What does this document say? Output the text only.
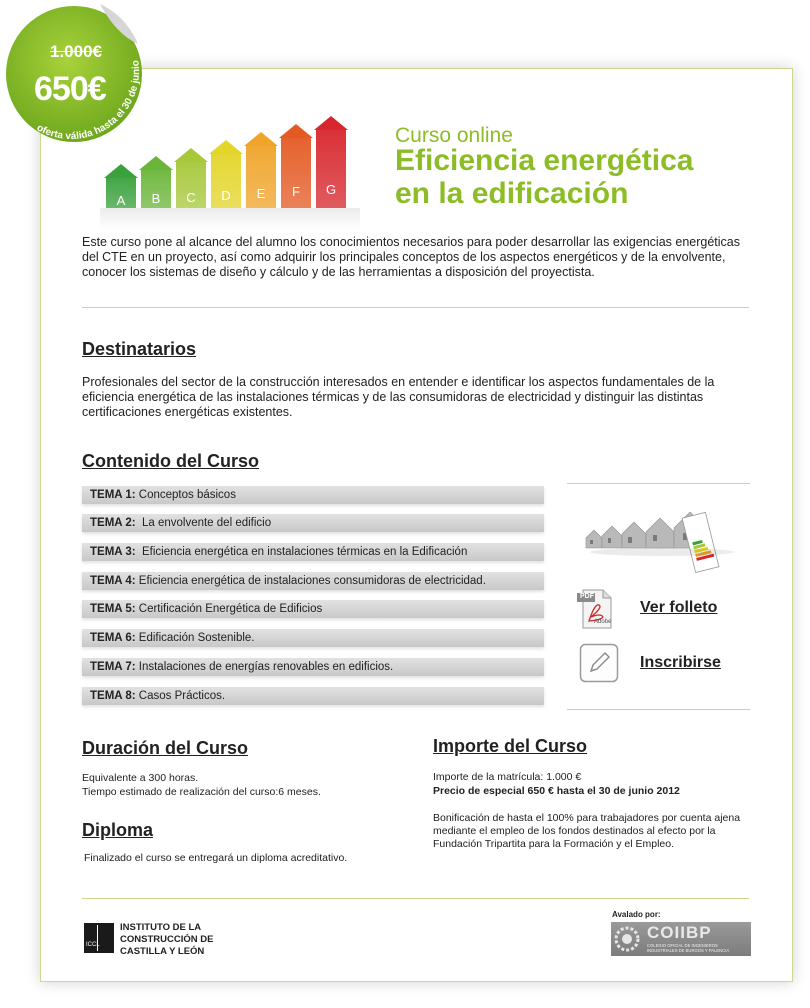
oferta válida hasta el 30 de junio
1.000€
650€
A	B	C	D	E	F	G
Curso online
Eficiencia energética
en la edificación
Este curso pone al alcance del alumno los conocimientos necesarios para poder desarrollar las exigencias energéticas del CTE en un proyecto, así como adquirir los principales conceptos de los aspectos energéticos y de la envolvente, conocer los sistemas de diseño y cálculo y de las herramientas a disposición del proyectista.
Destinatarios
Profesionales del sector de la construcción interesados en entender e identificar los aspectos fundamentales de la eficiencia energética de las instalaciones térmicas y de las consumidoras de electricidad y distinguir las distintas certificaciones energéticas existentes.
Contenido del Curso
TEMA 1: Conceptos básicos
TEMA 2:  La envolvente del edificio
TEMA 3:  Eficiencia energética en instalaciones térmicas en la Edificación
TEMA 4: Eficiencia energética de instalaciones consumidoras de electricidad.
TEMA 5: Certificación Energética de Edificios
TEMA 6: Edificación Sostenible.
TEMA 7: Instalaciones de energías renovables en edificios.
TEMA 8: Casos Prácticos.
PDF
Adobe
Ver folleto
Inscribirse
Duración del Curso
Equivalente a 300 horas.
Tiempo estimado de realización del curso:6 meses.
Diploma
Finalizado el curso se entregará un diploma acreditativo.
Importe del Curso
Importe de la matrícula: 1.000 €
Precio de especial 650 € hasta el 30 de junio 2012
Bonificación de hasta el 100% para trabajadores por cuenta ajena mediante el empleo de los fondos destinados al efecto por la Fundación Tripartita para la Formación y el Empleo.
ICCL
INSTITUTO DE LA
CONSTRUCCIÓN DE
CASTILLA Y LEÓN
Avalado por:
COIIBP
COLEGIO OFICIAL DE INGENIEROS INDUSTRIALES DE BURGOS Y PALENCIA
